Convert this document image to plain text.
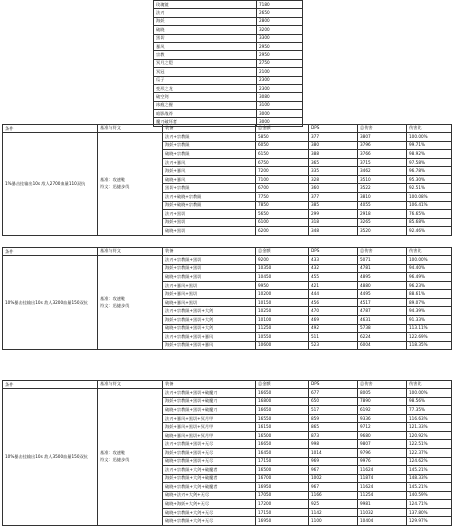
玫瑰镜	7180
法刃	2650
海妖	2800
破晓	3200
黑切	3300
暴风	2950
宗教	2950
冥月之铠	2750
冥冠	2100
瓜子	2300
变形之龙	2300
破空剑	3080
冰痕之握	3100
暗影战斧	3000
魔刀破坏者	3000
条件	基准与符文	装备	总金额	DPS	总伤害	伤害比
1%暴击挂输出10s 敌人2700血量110双抗	基准：攻速鞋
符文：迅捷步伐	法刃+宗教陨	5850	377	3807	100.00%
		海妖+宗教陨	6050	380	3796	99.71%
		破晓+宗教陨	6150	388	3766	98.92%
		法刃+暴风	6750	365	3715	97.58%
		海妖+暴风	7200	335	3462	96.78%
		破晓+暴风	7100	328	3510	95.30%
		黑切+宗教陨	6700	360	3522	92.51%
		法刃+破晓+宗教陨	7750	377	3810	100.08%
		海妖+破晓+宗教陨	7850	385	4055	106.41%
		法刃+黑切	5650	299	2918	76.65%
		海妖+黑切	6100	318	3265	85.68%
		破晓+黑切	6200	348	3520	92.46%
条件	基准与符文	装备	总金额	DPS	总伤害	伤害比
10%暴击挂输出10s 敌人3200血量150双抗	基准：攻速鞋
符文：迅捷步伐	法刃+宗教陨+黑切	9200	433	5071	100.00%
		海妖+宗教陨+黑切	10350	432	4781	94.40%
		破晓+宗教陨+黑切	10450	455	4895	96.49%
		法刃+暴风+黑切	9950	421	4880	96.23%
		海妖+暴风+黑切	10200	444	4495	88.61%
		破晓+暴风+黑切	10150	456	4517	89.07%
		法刃+宗教陨+黑切+大剑	10250	470	4787	94.39%
		海妖+宗教陨+黑切+大剑	10100	469	4631	91.33%
		破晓+宗教陨+黑切+大剑	11250	492	5738	113.11%
		法刃+宗教陨+黑切+暴风	10550	511	6224	122.69%
		海妖+宗教陨+黑切+暴风	10600	523	6004	118.35%
条件	基准与符文	装备	总金额	DPS	总伤害	伤害比
10%暴击挂输出10s 敌人3500血量150双抗	基准：攻速鞋
符文：迅捷步伐	法刃+宗教陨+黑切+破魔刀	16650	677	8005	100.00%
		海妖+宗教陨+黑切+破魔刀	16800	650	7890	98.56%
		破晓+宗教陨+黑切+破魔刀	16650	517	6192	77.35%
		法刃+暴风+黑切+冥月甲	16550	859	9336	116.63%
		海妖+暴风+黑切+冥月甲	16150	865	9712	121.33%
		破晓+暴风+黑切+冥月甲	16500	873	9680	120.92%
		法刃+宗教陨+黑切+无尽	16650	998	9807	122.51%
		海妖+宗教陨+黑切+无尽	16450	1014	9796	122.37%
		破晓+宗教陨+黑切+无尽	17150	969	9976	124.62%
		法刃+宗教陨+大剑+破魔者	16500	967	11624	145.21%
		海妖+宗教陨+大剑+破魔者	16700	1002	11874	148.33%
		破晓+宗教陨+大剑+破魔者	16950	967	11624	145.21%
		破晓+法刃+大剑+无尽	17050	1166	11254	140.59%
		破晓+海妖+大剑+无尽	17200	925	9981	124.71%
		破晓+宗教陨+大剑+无尽	17150	1142	11032	137.80%
		破晓+宗教陨+大剑+无尽	16950	1100	10404	129.97%
